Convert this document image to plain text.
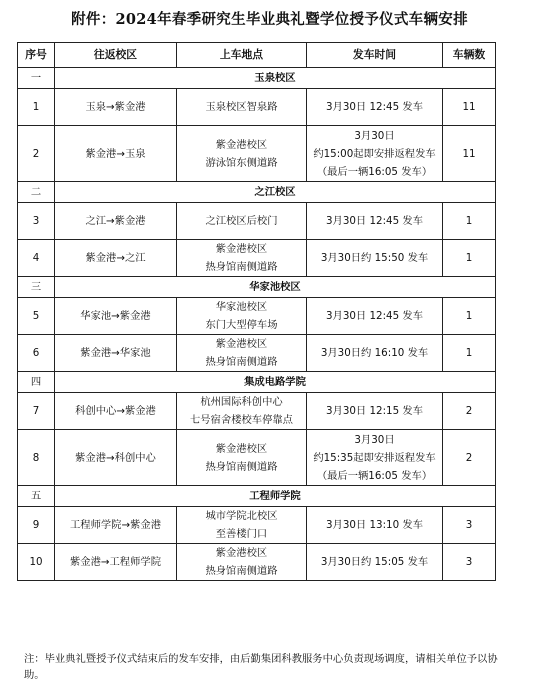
附件：2024年春季研究生毕业典礼暨学位授予仪式车辆安排
序号	往返校区	上车地点	发车时间	车辆数
一	玉泉校区			
1	玉泉→紫金港	玉泉校区智泉路	3月30日 12:45 发车	11
2	紫金港→玉泉	紫金港校区
游泳馆东侧道路	3月30日
约15:00起即安排返程发车
（最后一辆16:05 发车）	11
二	之江校区			
3	之江→紫金港	之江校区后校门	3月30日 12:45 发车	1
4	紫金港→之江	紫金港校区
热身馆南侧道路	3月30日约 15:50 发车	1
三	华家池校区			
5	华家池→紫金港	华家池校区
东门大型停车场	3月30日 12:45 发车	1
6	紫金港→华家池	紫金港校区
热身馆南侧道路	3月30日约 16:10 发车	1
四	集成电路学院			
7	科创中心→紫金港	杭州国际科创中心
七号宿舍楼校车停靠点	3月30日 12:15 发车	2
8	紫金港→科创中心	紫金港校区
热身馆南侧道路	3月30日
约15:35起即安排返程发车
（最后一辆16:05 发车）	2
五	工程师学院			
9	工程师学院→紫金港	城市学院北校区
至善楼门口	3月30日 13:10 发车	3
10	紫金港→工程师学院	紫金港校区
热身馆南侧道路	3月30日约 15:05 发车	3
注：毕业典礼暨授予仪式结束后的发车安排，由后勤集团科教服务中心负责现场调度，请相关单位予以协助。
